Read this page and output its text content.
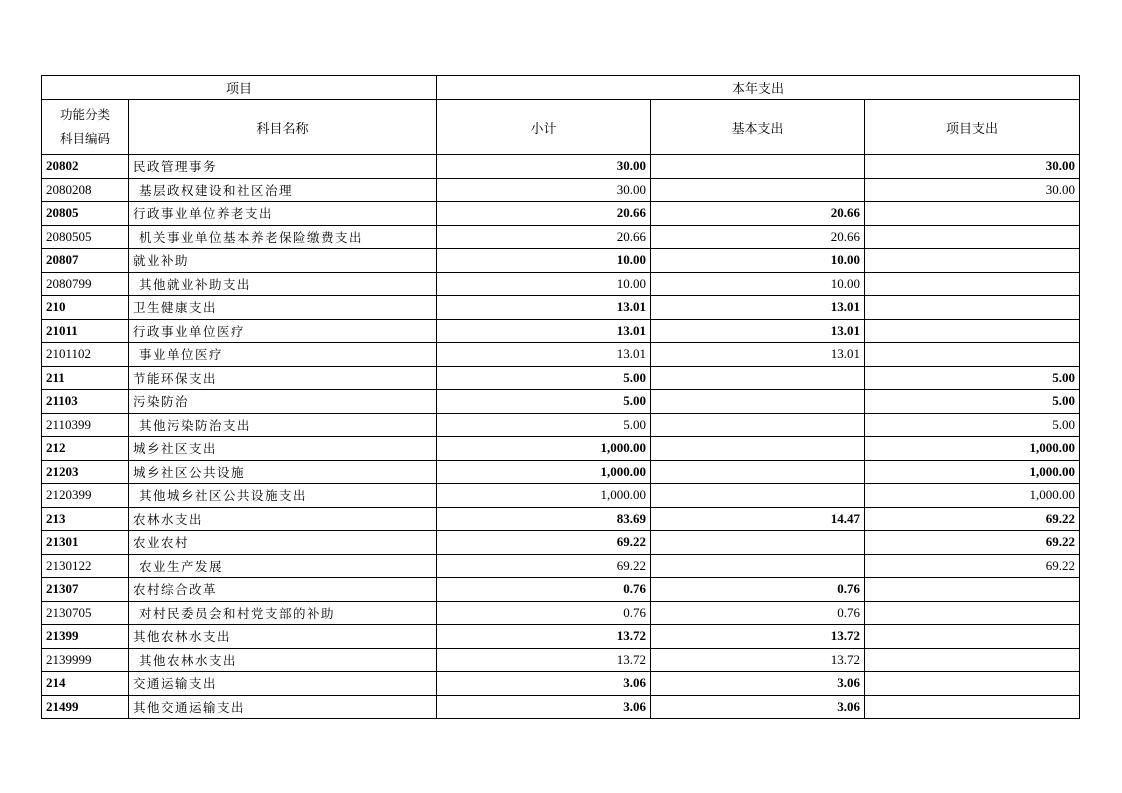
项目		本年支出		

功能分类
科目编码	科目名称	小计	基本支出	项目支出
20802	民政管理事务	30.00		30.00
2080208	基层政权建设和社区治理	30.00		30.00
20805	行政事业单位养老支出	20.66	20.66	
2080505	机关事业单位基本养老保险缴费支出	20.66	20.66	
20807	就业补助	10.00	10.00	
2080799	其他就业补助支出	10.00	10.00	
210	卫生健康支出	13.01	13.01	
21011	行政事业单位医疗	13.01	13.01	
2101102	事业单位医疗	13.01	13.01	
211	节能环保支出	5.00		5.00
21103	污染防治	5.00		5.00
2110399	其他污染防治支出	5.00		5.00
212	城乡社区支出	1,000.00		1,000.00
21203	城乡社区公共设施	1,000.00		1,000.00
2120399	其他城乡社区公共设施支出	1,000.00		1,000.00
213	农林水支出	83.69	14.47	69.22
21301	农业农村	69.22		69.22
2130122	农业生产发展	69.22		69.22
21307	农村综合改革	0.76	0.76	
2130705	对村民委员会和村党支部的补助	0.76	0.76	
21399	其他农林水支出	13.72	13.72	
2139999	其他农林水支出	13.72	13.72	
214	交通运输支出	3.06	3.06	
21499	其他交通运输支出	3.06	3.06	
